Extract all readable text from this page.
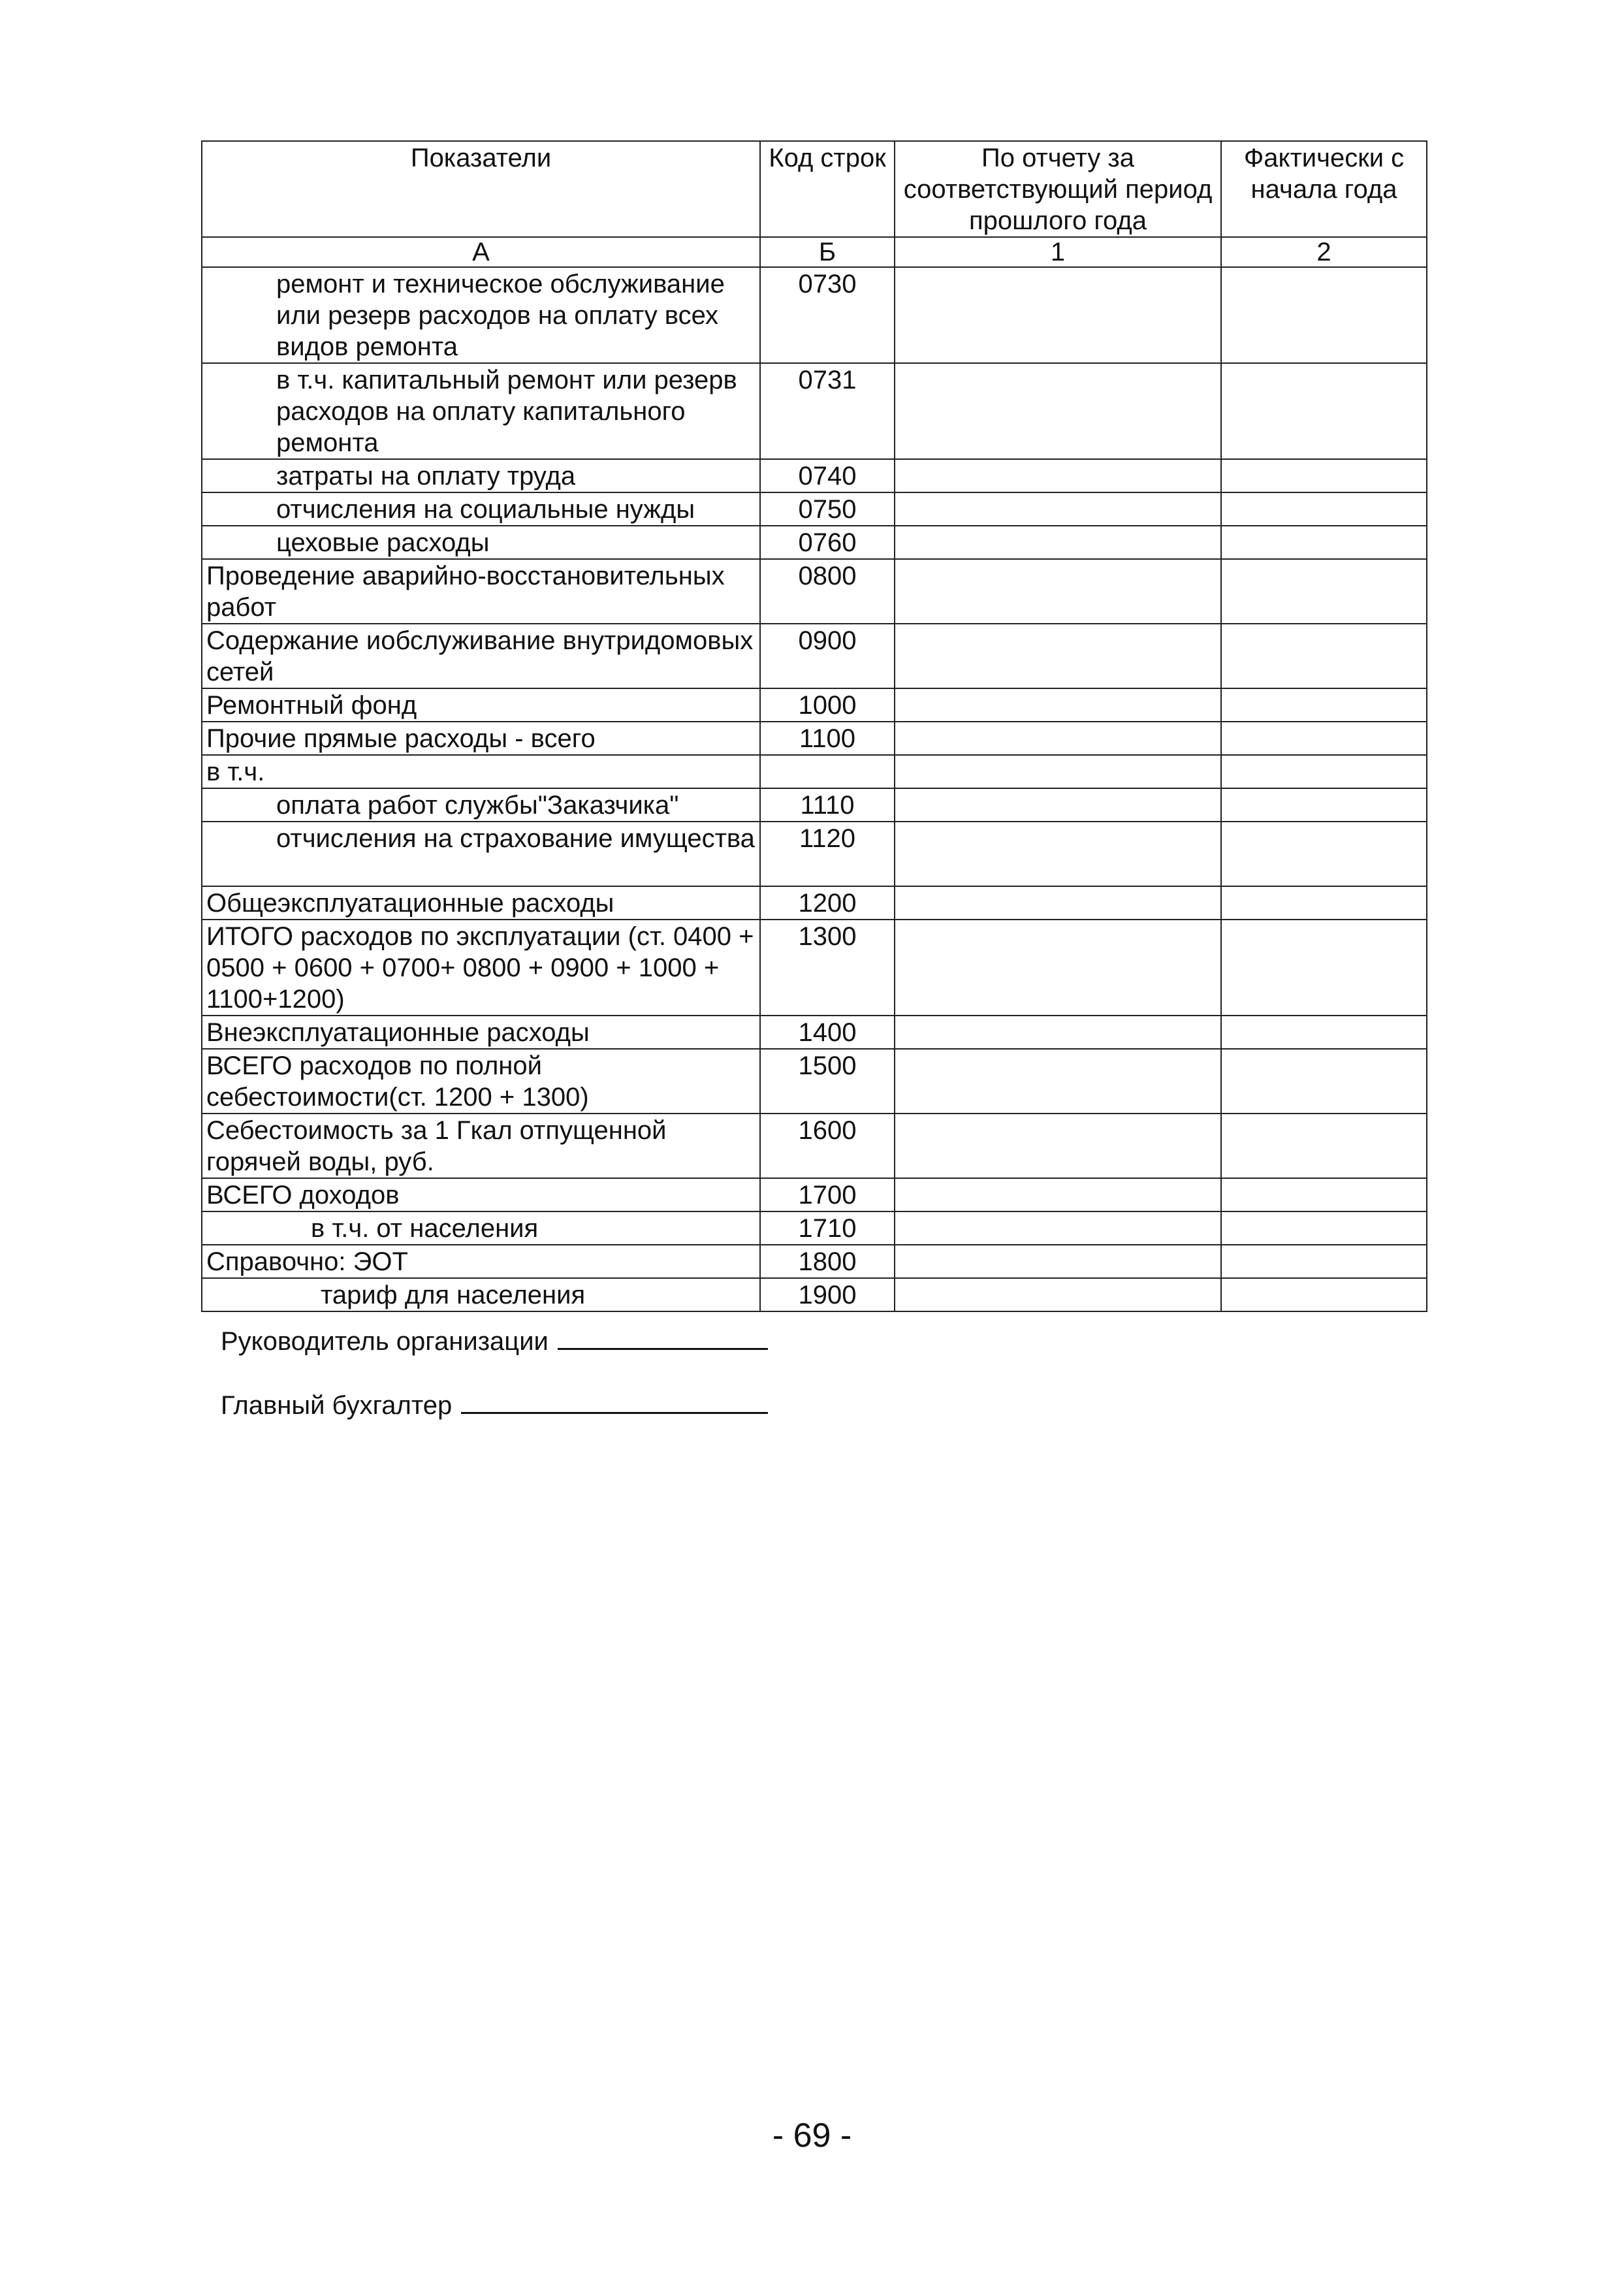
Показатели	Код строк	По отчету за соответствующий период прошлого года	Фактически с начала года
А	Б	1	2
ремонт и техническое обслуживание или резерв расходов на оплату всех видов ремонта	0730		
в т.ч. капитальный ремонт или резерв расходов на оплату капитального ремонта	0731		
затраты на оплату труда	0740		
отчисления на социальные нужды	0750		
цеховые расходы	0760		
Проведение аварийно-восстановительных работ	0800		
Содержание иобслуживание внутридомовых сетей	0900		
Ремонтный фонд	1000		
Прочие прямые расходы - всего	1100		
в т.ч.			
оплата работ службы"Заказчика"	1110		
отчисления на страхование имущества	1120		
Общеэксплуатационные расходы	1200		
ИТОГО расходов по эксплуатации (ст. 0400 + 0500 + 0600 + 0700+ 0800 + 0900 + 1000 + 1100+1200)	1300		
Внеэксплуатационные расходы	1400		
ВСЕГО расходов по полной себестоимости(ст. 1200 + 1300)	1500		
Себестоимость за 1 Гкал отпущенной горячей воды, руб.	1600		
ВСЕГО доходов	1700		
в т.ч. от населения	1710		
Справочно: ЭОТ	1800		
тариф для населения	1900		
Руководитель организации
Главный бухгалтер
- 69 -
